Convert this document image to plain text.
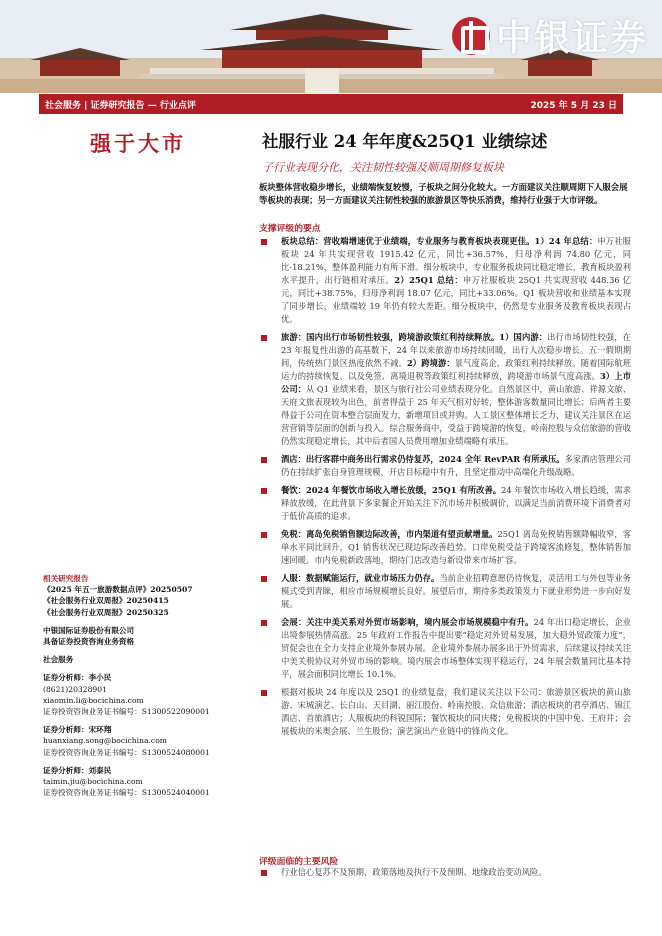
中银证券
社会服务 | 证券研究报告 — 行业点评	2025 年 5 月 23 日
强于大市
相关研究报告
《2025 年五一旅游数据点评》20250507
《社会服务行业双周报》20250415
《社会服务行业双周报》20250325
中银国际证券股份有限公司
具备证券投资咨询业务资格
社会服务
证券分析师：李小民
(8621)20328901
xiaomin.li@bocichina.com
证券投资咨询业务证书编号：S1300522090001
证券分析师：宋环翔
huanxiang.song@bocichina.com
证券投资咨询业务证书编号：S1300524080001
证券分析师：刘泰民
taimin.jiu@bocichina.com
证券投资咨询业务证书编号：S1300524040001
社服行业 24 年年度&25Q1 业绩综述
子行业表现分化，关注韧性较强及顺周期修复板块
板块整体营收稳步增长，业绩端恢复较慢，子板块之间分化较大。一方面建议关注顺周期下人服会展等板块的表现；另一方面建议关注韧性较强的旅游景区等快乐消费，维持行业强于大市评级。
支撑评级的要点
板块总结：营收端增速优于业绩端，专业服务与教育板块表现更佳。1）24 年总结：申万社服板块 24 年共实现营收 1915.42 亿元，同比+36.57%，归母净利润 74.80 亿元，同比-18.21%，整体盈利能力有所下滑。细分板块中，专业服务板块同比稳定增长，教育板块盈利水平提升，出行链相对承压。2）25Q1 总结：申万社服板块 25Q1 共实现营收 448.36 亿元，同比+38.75%，归母净利润 18.07 亿元，同比+33.06%。Q1 板块营收和业绩基本实现了同步增长，业绩端较 19 年仍有较大差距。细分板块中，仍然是专业服务及教育板块表现占优。
旅游：国内出行市场韧性较强，跨境游政策红利持续释放。1）国内游：出行市场韧性较强，在 23 年报复性出游的高基数下，24 年以来旅游市场持续回暖，出行人次稳步增长。五一假期期间，传统热门景区热度依然不减。2）跨境游：景气度高企，政策红利持续释放。随着国际航班运力的持续恢复，以及免签、离境退税等政策红利持续释放，跨境游市场景气度高涨。3）上市公司：从 Q1 业绩来看，景区与旅行社公司业绩表现分化。自然景区中，黄山旅游、祥源文旅、天府文旅表现较为出色，前者得益于 25 年天气相对好转，整体游客数量同比增长；后两者主要得益于公司在资本整合层面发力，新增项目或并购。人工景区整体增长乏力，建议关注景区在运营营销等层面的创新与投入。综合服务商中，受益于跨境游的恢复，岭南控股与众信旅游的营收仍然实现稳定增长，其中后者国人员费用增加业绩端略有承压。
酒店：出行客群中商务出行需求仍待复苏，2024 全年 RevPAR 有所承压。多家酒店管理公司仍在持续扩张自身管理规模，开店目标稳中有升，且坚定推动中高端化升级战略。
餐饮：2024 年餐饮市场收入增长放缓，25Q1 有所改善。24 年餐饮市场收入增长趋缓，需求释放放缓，在此背景下多家餐企开始关注下沉市场并积极调价，以满足当前消费环境下消费者对于低价高质的追求。
免税：离岛免税销售额边际改善，市内渠道有望贡献增量。25Q1 离岛免税销售额降幅收窄，客单水平同比回升，Q1 销售状况已现边际改善趋势。口岸免税受益于跨境客流修复，整体销售加速回暖。市内免税新政落地，期待门店改造与新设带来市场扩容。
人服：数据赋能运行，就业市场压力仍存。当前企业招聘意愿仍待恢复，灵活用工与外包等业务模式受到青睐，相应市场规模增长良好。展望后市，期待多类政策发力下就业形势进一步向好发展。
会展：关注中美关系对外贸市场影响，境内展会市场规模稳中有升。24 年出口稳定增长，企业出境参展热情高涨。25 年政府工作报告中提出要“稳定对外贸易发展，加大稳外贸政策力度”，贸促会也在全力支持企业境外参展办展。企业境外参展办展多出于外贸需求，后续建议持续关注中美关税协议对外贸市场的影响。境内展会市场整体实现平稳运行，24 年展会数量同比基本持平，展会面积同比增长 10.1%。
根据对板块 24 年度以及 25Q1 的业绩复盘，我们建议关注以下公司：旅游景区板块的黄山旅游、宋城演艺、长白山、天目湖、丽江股份、岭南控股、众信旅游；酒店板块的君亭酒店、锦江酒店、首旅酒店；人服板块的科锐国际；餐饮板块的同庆楼；免税板块的中国中免、王府井；会展板块的米奥会展、兰生股份；演艺演出产业链中的锋尚文化。
评级面临的主要风险
行业信心复苏不及预期，政策落地及执行不及预期、地缘政治变动风险。
